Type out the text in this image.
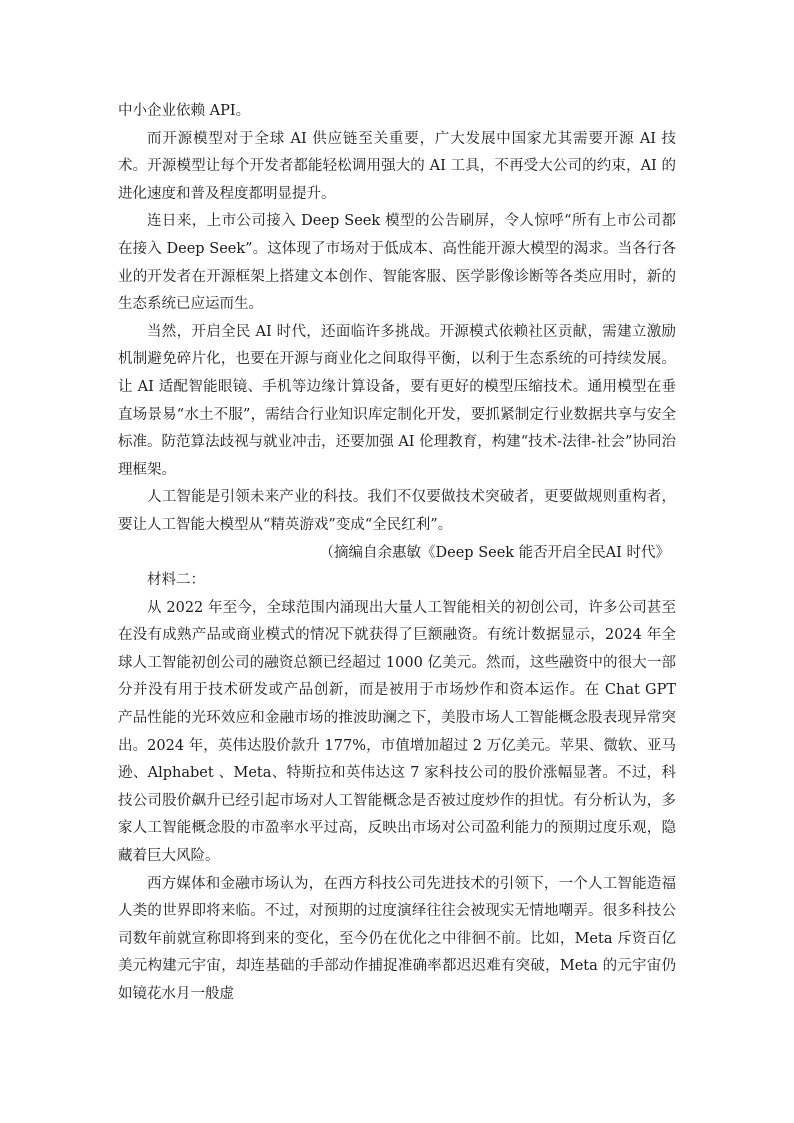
中小企业依赖 API。

而开源模型对于全球 AI 供应链至关重要，广大发展中国家尤其需要开源 AI 技术。开源模型让每个开发者都能轻松调用强大的 AI 工具，不再受大公司的约束，AI 的进化速度和普及程度都明显提升。

连日来，上市公司接入 Deep Seek 模型的公告刷屏，令人惊呼“所有上市公司都在接入 Deep Seek”。这体现了市场对于低成本、高性能开源大模型的渴求。当各行各业的开发者在开源框架上搭建文本创作、智能客服、医学影像诊断等各类应用时，新的生态系统已应运而生。

当然，开启全民 AI 时代，还面临许多挑战。开源模式依赖社区贡献，需建立激励机制避免碎片化，也要在开源与商业化之间取得平衡，以利于生态系统的可持续发展。让 AI 适配智能眼镜、手机等边缘计算设备，要有更好的模型压缩技术。通用模型在垂直场景易“水土不服”，需结合行业知识库定制化开发，要抓紧制定行业数据共享与安全标准。防范算法歧视与就业冲击，还要加强 AI 伦理教育，构建“技术-法律-社会”协同治理框架。

人工智能是引领未来产业的科技。我们不仅要做技术突破者，更要做规则重构者，要让人工智能大模型从“精英游戏”变成“全民红利”。

（摘编自余惠敏《Deep Seek 能否开启全民AI 时代》

材料二：

从 2022 年至今，全球范围内涌现出大量人工智能相关的初创公司，许多公司甚至在没有成熟产品或商业模式的情况下就获得了巨额融资。有统计数据显示，2024 年全球人工智能初创公司的融资总额已经超过 1000 亿美元。然而，这些融资中的很大一部分并没有用于技术研发或产品创新，而是被用于市场炒作和资本运作。在 Chat GPT 产品性能的光环效应和金融市场的推波助澜之下，美股市场人工智能概念股表现异常突出。2024 年，英伟达股价款升 177%，市值增加超过 2 万亿美元。苹果、微软、亚马逊、Alphabet 、Meta、特斯拉和英伟达这 7 家科技公司的股价涨幅显著。不过，科技公司股价飙升已经引起市场对人工智能概念是否被过度炒作的担忧。有分析认为，多家人工智能概念股的市盈率水平过高，反映出市场对公司盈利能力的预期过度乐观，隐藏着巨大风险。

西方媒体和金融市场认为，在西方科技公司先进技术的引领下，一个人工智能造福人类的世界即将来临。不过，对预期的过度演绎往往会被现实无情地嘲弄。很多科技公司数年前就宣称即将到来的变化，至今仍在优化之中徘徊不前。比如，Meta 斥资百亿美元构建元宇宙，却连基础的手部动作捕捉准确率都迟迟难有突破，Meta 的元宇宙仍如镜花水月一般虚
